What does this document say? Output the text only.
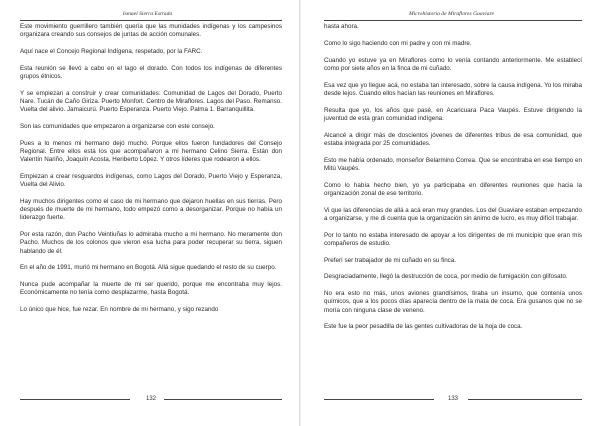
Ismael Sierra Estrada

Este movimiento guerrillero también quería que las munidades indígenas y los campesinos organizara creando sus consejos de juntas de acción comunales.

Aquí nace el Concejo Regional Indígena, respetado, por la FARC.

Esta reunión se llevó a cabo en el lago el dorado. Con todos los indígenas de diferentes grupos étnicos.

Y se empiezan a construir y crear comunidades: Comunidad de Lagos del Dorado, Puerto Nare. Tucán de Caño Giriza. Puerto Monfort. Centro de Miraflores. Lagos del Paso. Remanso. Vuelta del alivio. Jamaicurú. Puerto Esperanza. Puerto Viejo. Palma 1. Barranquillita.

Son las comunidades que empezaron a organizarse con este consejo.

Pues a lo menos mi hermano dejó mucho. Porque ellos fueron fundadores del Consejo Regional. Entre ellos está los que acompañaron a mi hermano Celino Sierra. Están don Valentín Nariño, Joaquín Acosta, Heriberto López. Y otros líderes que rodearon a ellos.

Empiezan a crear resguardos indígenas, como Lagos del Dorado, Puerto Viejo y Esperanza, Vuelta del Alivio.

Hay muchos dirigentes como el caso de mi hermano que dejaron huellas en sus tierras. Pero después de muerte de mi hermano, todo empezó como a desorganizar. Porque no había un liderazgo fuerte.

Por esta razón, don Pacho Veintiuñas lo admiraba mucho a mi hermano. No meramente don Pacho. Muchos de los colonos que vieron esa lucha para poder recuperar su tierra, siguen hablando de él.

En el año de 1991, murió mi hermano en Bogotá. Allá sigue quedando el resto de su cuerpo.

Nunca pude acompañar la muerte de mi ser querido, porque me encontraba muy lejos. Económicamente no tenía como desplazarme, hasta Bogotá.

Lo único que hice, fue rezar. En nombre de mi hermano, y sigo rezando

132
Microhistoria de Miraflores Guaviare

hasta ahora.

Como lo sigo haciendo con mi padre y con mi madre.

Cuando yo estuve ya en Miraflores como lo venía contando anteriormente. Me establecí como por siete años en la finca de mi cuñado.

Esa vez que yo llegue acá, no estaba tan interesado, sobre la causa indígena. Yo los miraba desde lejos. Cuando ellos hacían las reuniones en Miraflores.

Resulta que yo, los años que pasé, en Acaricuara Paca Vaupés. Estuve dirigiendo la juventud de esta gran comunidad indígena.

Alcancé a dirigir más de doscientos jóvenes de diferentes tribus de esa comunidad, que estaba integrada por 25 comunidades.

Esto me había ordenado, monseñor Belarmino Correa. Que se encontraba en ese tiempo en Mitú Vaupés.

Como lo había hecho bien, yo ya participaba en diferentes reuniones que hacia la organización zonal de ese territorio.

Vi que las diferencias de allá a acá eran muy grandes. Los del Guaviare estaban empezando a organizarse, y me di cuenta que la organización sin ánimo de lucro, es muy difícil trabajar.

Por lo tanto no estaba interesado de apoyar a los dirigentes de mi municipio que eran mis compañeros de estudio.

Preferí ser trabajador de mi cuñado en su finca.

Desgraciadamente, llegó la destrucción de coca, por medio de fumigación con glifosato.

No era esto no más, unos aviones grandísimos, tiraba un insumo, que contenía unos químicos, que a los pocos días aparecía dentro de la mata de coca. Era gusanos que no se moría con ninguna clase de veneno.

Este fue la peor pesadilla de las gentes cultivadoras de la hoja de coca.

133
